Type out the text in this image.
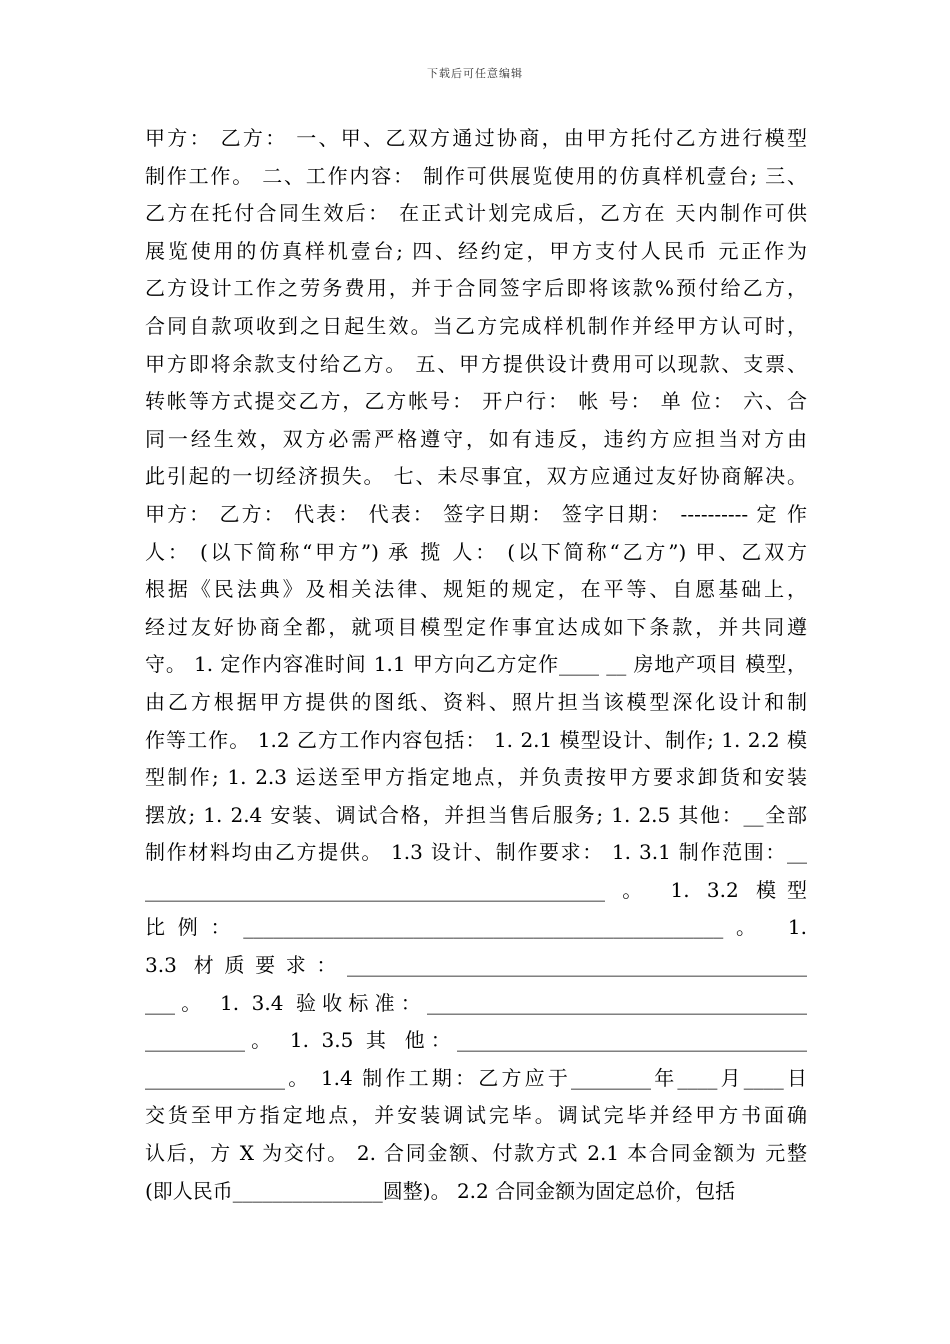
下载后可任意编辑
甲方： 乙方： 一、甲、乙双方通过协商，由甲方托付乙方进行模型
制作工作。 二、工作内容： 制作可供展览使用的仿真样机壹台; 三、
乙方在托付合同生效后： 在正式计划完成后，乙方在 天内制作可供
展览使用的仿真样机壹台; 四、经约定，甲方支付人民币 元正作为
乙方设计工作之劳务费用，并于合同签字后即将该款%预付给乙方，
合同自款项收到之日起生效。当乙方完成样机制作并经甲方认可时，
甲方即将余款支付给乙方。 五、甲方提供设计费用可以现款、支票、
转帐等方式提交乙方，乙方帐号： 开户行： 帐 号： 单 位： 六、合
同一经生效，双方必需严格遵守，如有违反，违约方应担当对方由
此引起的一切经济损失。 七、未尽事宜，双方应通过友好协商解决。
甲方： 乙方： 代表： 代表： 签字日期： 签字日期： ---------- 定 作
人： (以下简称“甲方”) 承 揽 人： (以下简称“乙方”) 甲、乙双方
根据《民法典》及相关法律、规矩的规定，在平等、自愿基础上，
经过友好协商全都，就项目模型定作事宜达成如下条款，并共同遵
守。 1. 定作内容准时间 1.1 甲方向乙方定作____ __ 房地产项目 模型，
由乙方根据甲方提供的图纸、资料、照片担当该模型深化设计和制
作等工作。 1.2 乙方工作内容包括： 1. 2.1 模型设计、制作; 1. 2.2 模
型制作; 1. 2.3 运送至甲方指定地点，并负责按甲方要求卸货和安装
摆放; 1. 2.4 安装、调试合格，并担当售后服务; 1. 2.5 其他：__全部
制作材料均由乙方提供。 1.3 设计、制作要求： 1. 3.1 制作范围：__
______________________________________________ 。 1. 3.2 模型
比例：________________________________________________。 1.
3.3 材质要求：______________________________________________
___。 1. 3.4 验收标准：______________________________________
__________。 1. 3.5 其 他：___________________________________
______________。 1.4 制作工期：乙方应于________年____月____日
交货至甲方指定地点，并安装调试完毕。调试完毕并经甲方书面确
认后，方 X 为交付。 2. 合同金额、付款方式 2.1 本合同金额为 元整
(即人民币_______________圆整)。 2.2 合同金额为固定总价，包括
